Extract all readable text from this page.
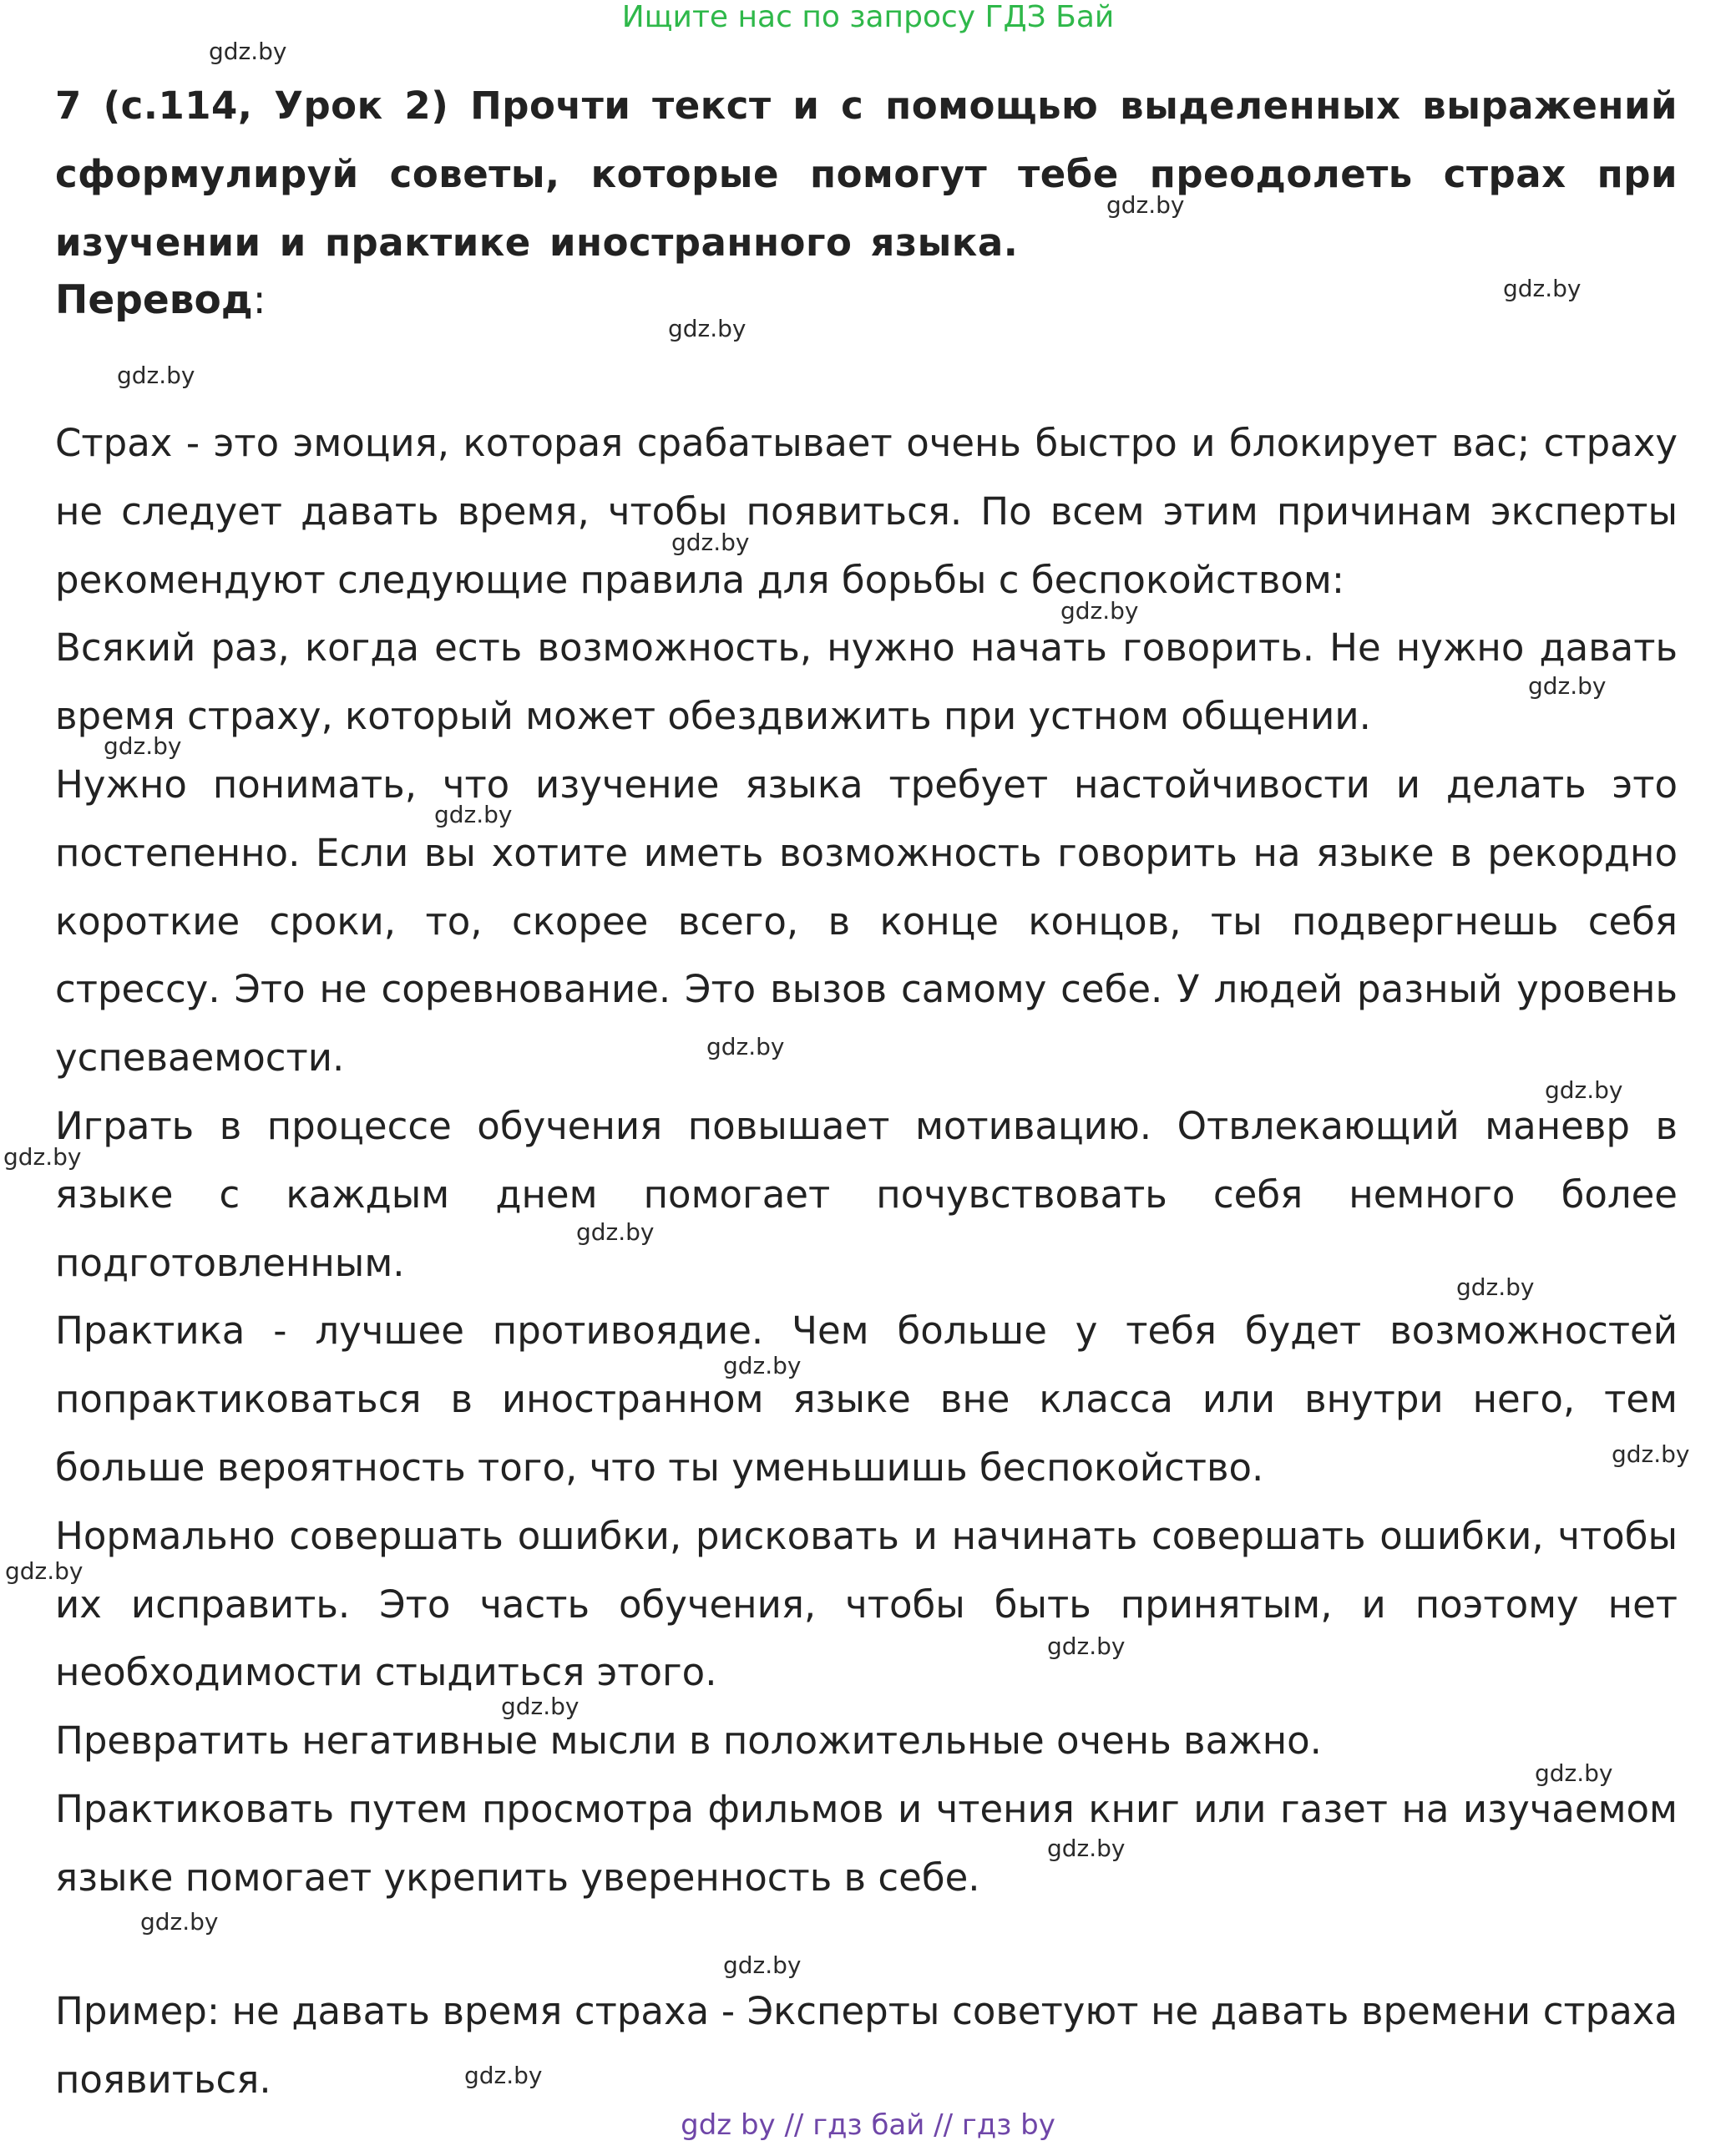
Ищите нас по запросу ГДЗ Бай
7 (с.114, Урок 2) Прочти текст и с помощью выделенных выражений сформулируй советы, которые помогут тебе преодолеть страх при изучении и практике иностранного языка.
Перевод:

Страх - это эмоция, которая срабатывает очень быстро и блокирует вас; страху не следует давать время, чтобы появиться. По всем этим причинам эксперты рекомендуют следующие правила для борьбы с беспокойством:

Всякий раз, когда есть возможность, нужно начать говорить. Не нужно давать время страху, который может обездвижить при устном общении.

Нужно понимать, что изучение языка требует настойчивости и делать это постепенно. Если вы хотите иметь возможность говорить на языке в рекордно короткие сроки, то, скорее всего, в конце концов, ты подвергнешь себя стрессу. Это не соревнование. Это вызов самому себе. У людей разный уровень успеваемости.

Играть в процессе обучения повышает мотивацию. Отвлекающий маневр в языке с каждым днем помогает почувствовать себя немного более подготовленным.

Практика - лучшее противоядие. Чем больше у тебя будет возможностей попрактиковаться в иностранном языке вне класса или внутри него, тем больше вероятность того, что ты уменьшишь беспокойство.

Нормально совершать ошибки, рисковать и начинать совершать ошибки, чтобы их исправить. Это часть обучения, чтобы быть принятым, и поэтому нет необходимости стыдиться этого.

Превратить негативные мысли в положительные очень важно.

Практиковать путем просмотра фильмов и чтения книг или газет на изучаемом языке помогает укрепить уверенность в себе.

Пример: не давать время страха - Эксперты советуют не давать времени страха появиться.
gdz.by
gdz.by
gdz.by
gdz.by
gdz.by
gdz.by
gdz.by
gdz.by
gdz.by
gdz.by
gdz.by
gdz.by
gdz.by
gdz.by
gdz.by
gdz.by
gdz.by
gdz.by
gdz.by
gdz.by
gdz.by
gdz.by
gdz.by
gdz.by
gdz.by
gdz by // гдз бай // гдз by
